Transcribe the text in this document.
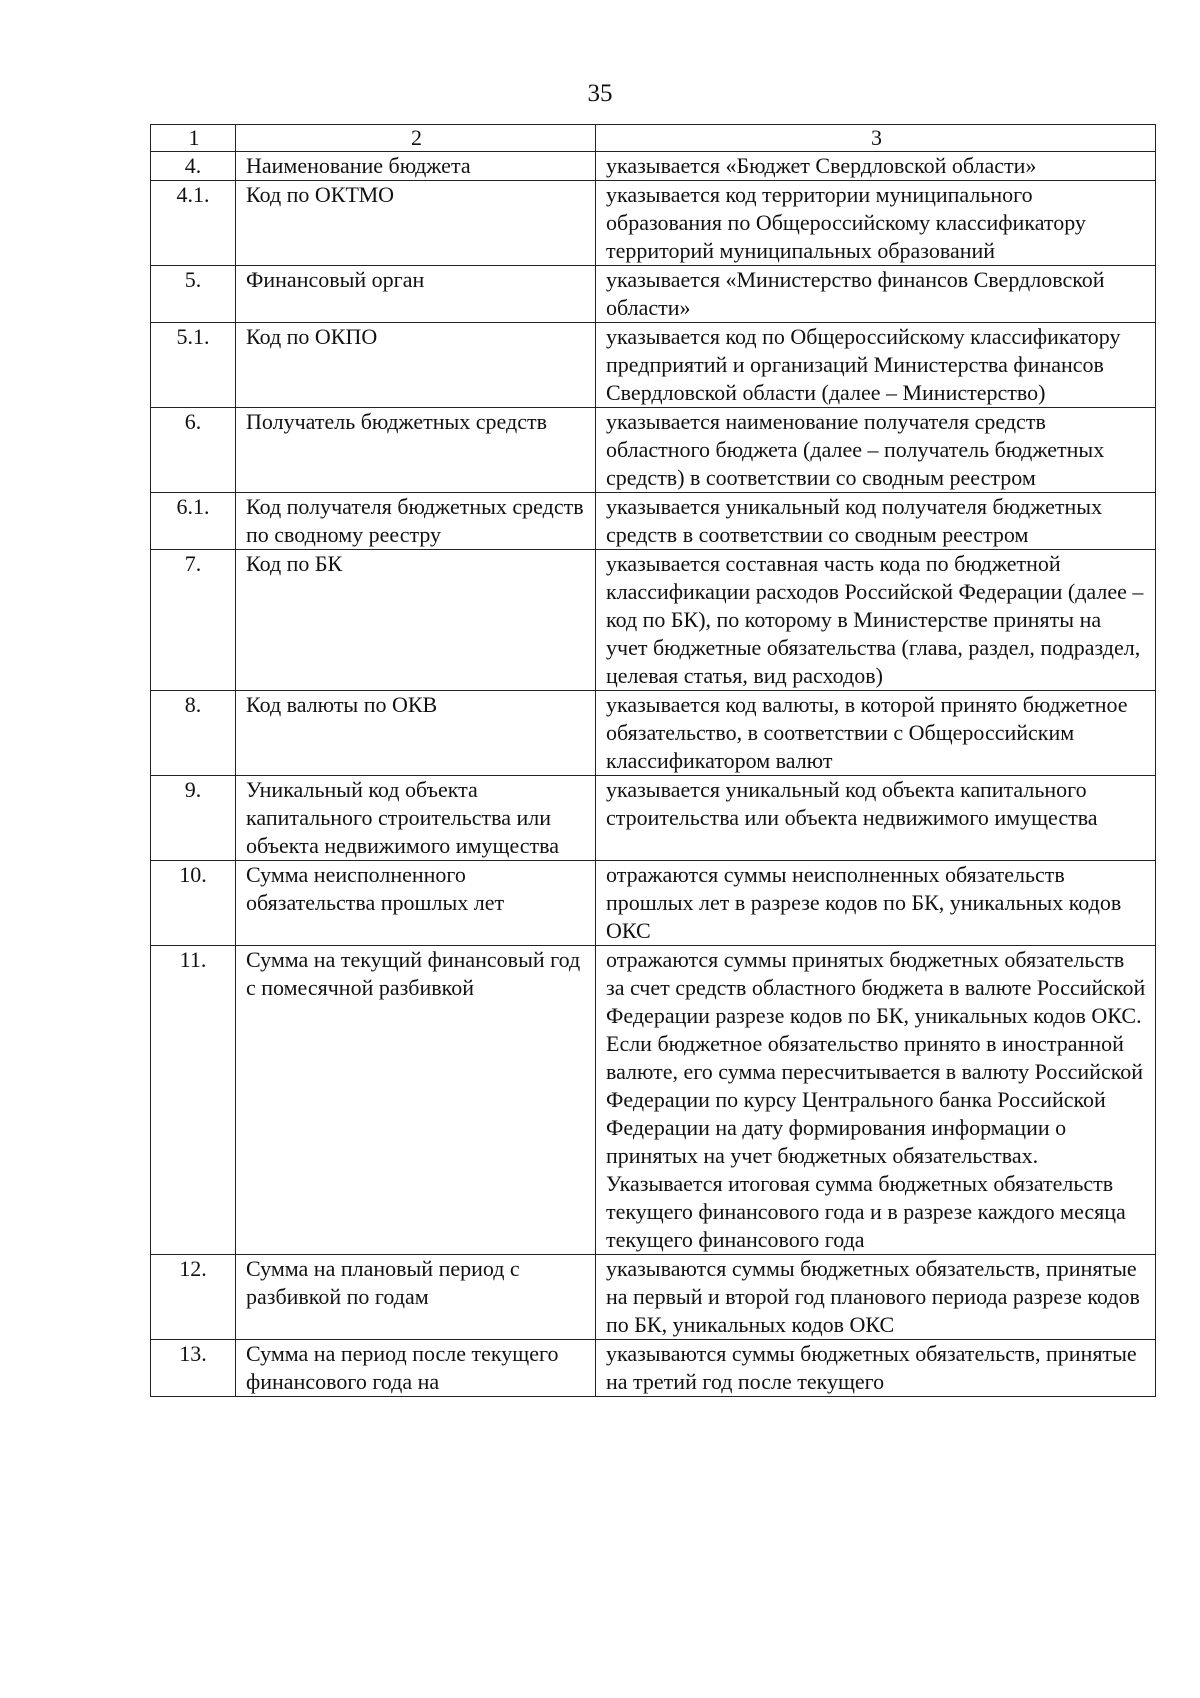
35
1	2	3
4.	Наименование бюджета	указывается «Бюджет Свердловской области»
4.1.	Код по ОКТМО	указывается код территории муниципального образования по Общероссийскому классификатору территорий муниципальных образований
5.	Финансовый орган	указывается «Министерство финансов Свердловской области»
5.1.	Код по ОКПО	указывается код по Общероссийскому классификатору предприятий и организаций Министерства финансов Свердловской области (далее – Министерство)
6.	Получатель бюджетных средств	указывается наименование получателя средств областного бюджета (далее – получатель бюджетных средств) в соответствии со сводным реестром
6.1.	Код получателя бюджетных средств по сводному реестру	указывается уникальный код получателя бюджетных средств в соответствии со сводным реестром
7.	Код по БК	указывается составная часть кода по бюджетной классификации расходов Российской Федерации (далее – код по БК), по которому в Министерстве приняты на учет бюджетные обязательства (глава, раздел, подраздел, целевая статья, вид расходов)
8.	Код валюты по ОКВ	указывается код валюты, в которой принято бюджетное обязательство, в соответствии с Общероссийским классификатором валют
9.	Уникальный код объекта капитального строительства или объекта недвижимого имущества	указывается уникальный код объекта капитального строительства или объекта недвижимого имущества
10.	Сумма неисполненного обязательства прошлых лет	отражаются суммы неисполненных обязательств прошлых лет в разрезе кодов по БК, уникальных кодов ОКС
11.	Сумма на текущий финансовый год с помесячной разбивкой	отражаются суммы принятых бюджетных обязательств за счет средств областного бюджета в валюте Российской Федерации разрезе кодов по БК, уникальных кодов ОКС. Если бюджетное обязательство принято в иностранной валюте, его сумма пересчитывается в валюту Российской Федерации по курсу Центрального банка Российской Федерации на дату формирования информации о принятых на учет бюджетных обязательствах. Указывается итоговая сумма бюджетных обязательств текущего финансового года и в разрезе каждого месяца текущего финансового года
12.	Сумма на плановый период с разбивкой по годам	указываются суммы бюджетных обязательств, принятые на первый и второй год планового периода разрезе кодов по БК, уникальных кодов ОКС
13.	Сумма на период после текущего финансового года на	указываются суммы бюджетных обязательств, принятые на третий год после текущего
